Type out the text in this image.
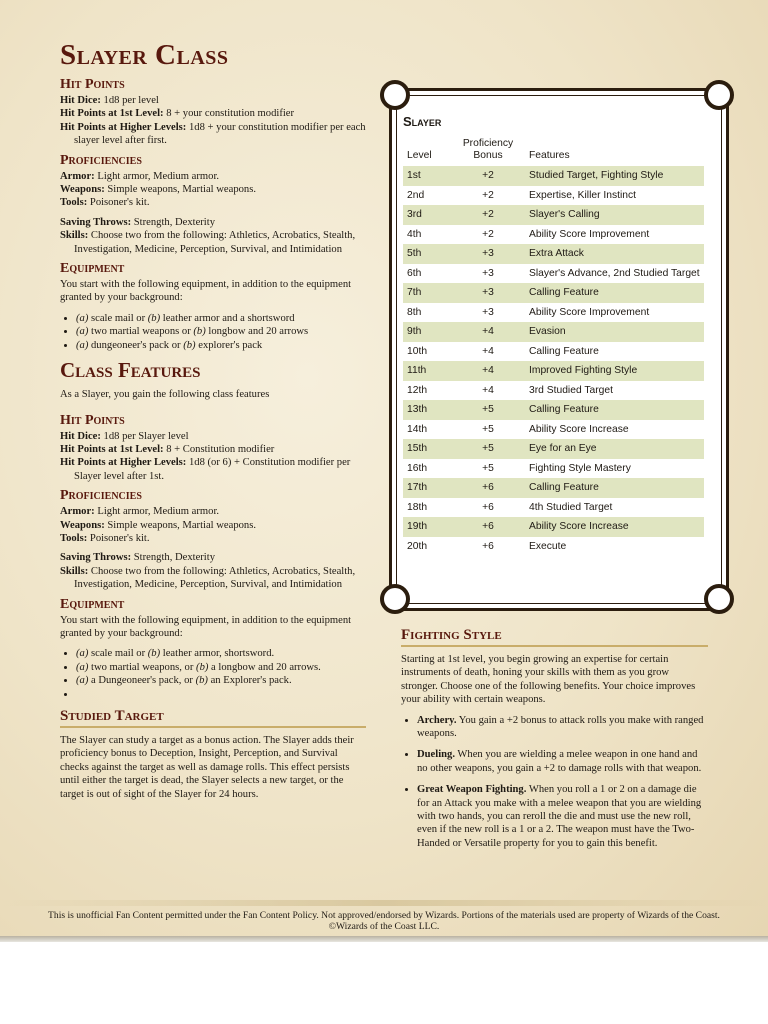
Slayer Class
Hit Points

Hit Dice: 1d8 per level

Hit Points at 1st Level: 8 + your constitution modifier

Hit Points at Higher Levels: 1d8 + your constitution modifier per each slayer level after first.

Proficiencies

Armor: Light armor, Medium armor.

Weapons: Simple weapons, Martial weapons.

Tools: Poisoner's kit.

Saving Throws: Strength, Dexterity

Skills: Choose two from the following: Athletics, Acrobatics, Stealth, Investigation, Medicine, Perception, Survival, and Intimidation

Equipment

You start with the following equipment, in addition to the equipment granted by your background:

• (a) scale mail or (b) leather armor and a shortsword
• (a) two martial weapons or (b) longbow and 20 arrows
• (a) dungeoneer's pack or (b) explorer's pack
Class Features

As a Slayer, you gain the following class features

Hit Points

Hit Dice: 1d8 per Slayer level

Hit Points at 1st Level: 8 + Constitution modifier

Hit Points at Higher Levels: 1d8 (or 6) + Constitution modifier per Slayer level after 1st.

Proficiencies

Armor: Light armor, Medium armor.

Weapons: Simple weapons, Martial weapons.

Tools: Poisoner's kit.

Saving Throws: Strength, Dexterity

Skills: Choose two from the following: Athletics, Acrobatics, Stealth, Investigation, Medicine, Perception, Survival, and Intimidation

Equipment

You start with the following equipment, in addition to the equipment granted by your background:

• (a) scale mail or (b) leather armor, shortsword.
• (a) two martial weapons, or (b) a longbow and 20 arrows.
• (a) a Dungeoneer's pack, or (b) an Explorer's pack.
•
Studied Target

The Slayer can study a target as a bonus action. The Slayer adds their proficiency bonus to Deception, Insight, Perception, and Survival checks against the target as well as damage rolls. This effect persists until either the target is dead, the Slayer selects a new target, or the target is out of sight of the Slayer for 24 hours.

Slayer
Level	Proficiency Bonus	Features
1st	+2	Studied Target, Fighting Style
2nd	+2	Expertise, Killer Instinct
3rd	+2	Slayer's Calling
4th	+2	Ability Score Improvement
5th	+3	Extra Attack
6th	+3	Slayer's Advance, 2nd Studied Target
7th	+3	Calling Feature
8th	+3	Ability Score Improvement
9th	+4	Evasion
10th	+4	Calling Feature
11th	+4	Improved Fighting Style
12th	+4	3rd Studied Target
13th	+5	Calling Feature
14th	+5	Ability Score Increase
15th	+5	Eye for an Eye
16th	+5	Fighting Style Mastery
17th	+6	Calling Feature
18th	+6	4th Studied Target
19th	+6	Ability Score Increase
20th	+6	Execute
Fighting Style

Starting at 1st level, you begin growing an expertise for certain instruments of death, honing your skills with them as you grow stronger. Choose one of the following benefits. Your choice improves your ability with certain weapons.

• Archery. You gain a +2 bonus to attack rolls you make with ranged weapons.
• Dueling. When you are wielding a melee weapon in one hand and no other weapons, you gain a +2 to damage rolls with that weapon.
• Great Weapon Fighting. When you roll a 1 or 2 on a damage die for an Attack you make with a melee weapon that you are wielding with two hands, you can reroll the die and must use the new roll, even if the new roll is a 1 or a 2. The weapon must have the Two-Handed or Versatile property for you to gain this benefit.
This is unofficial Fan Content permitted under the Fan Content Policy. Not approved/endorsed by Wizards. Portions of the materials used are property of Wizards of the Coast. ©Wizards of the Coast LLC.
